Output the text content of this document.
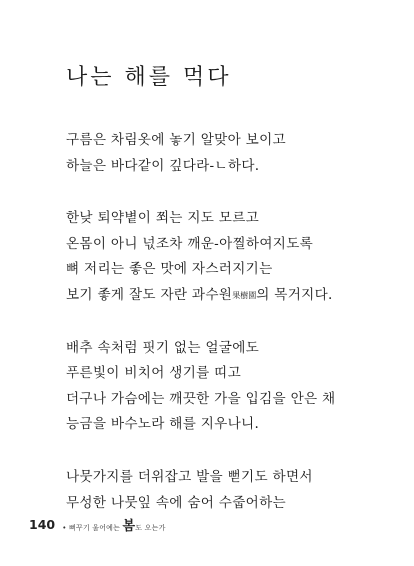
나는 해를 먹다
구름은 차림옷에 놓기 알맞아 보이고
하늘은 바다같이 깊다라-ㄴ하다.
한낮 퇴약볕이 쬐는 지도 모르고
온몸이 아니 넋조차 깨운-아찔하여지도록
뼈 저리는 좋은 맛에 자스러지기는
보기 좋게 잘도 자란 과수원果樹園의 목거지다.
배추 속처럼 핏기 없는 얼굴에도
푸른빛이 비치어 생기를 띠고
더구나 가슴에는 깨끗한 가을 입김을 안은 채
능금을 바수노라 해를 지우나니.
나뭇가지를 더위잡고 발을 뻗기도 하면서
무성한 나뭇잎 속에 숨어 수줍어하는
140 • 뻐꾸기 울어예는 봄도 오는가
